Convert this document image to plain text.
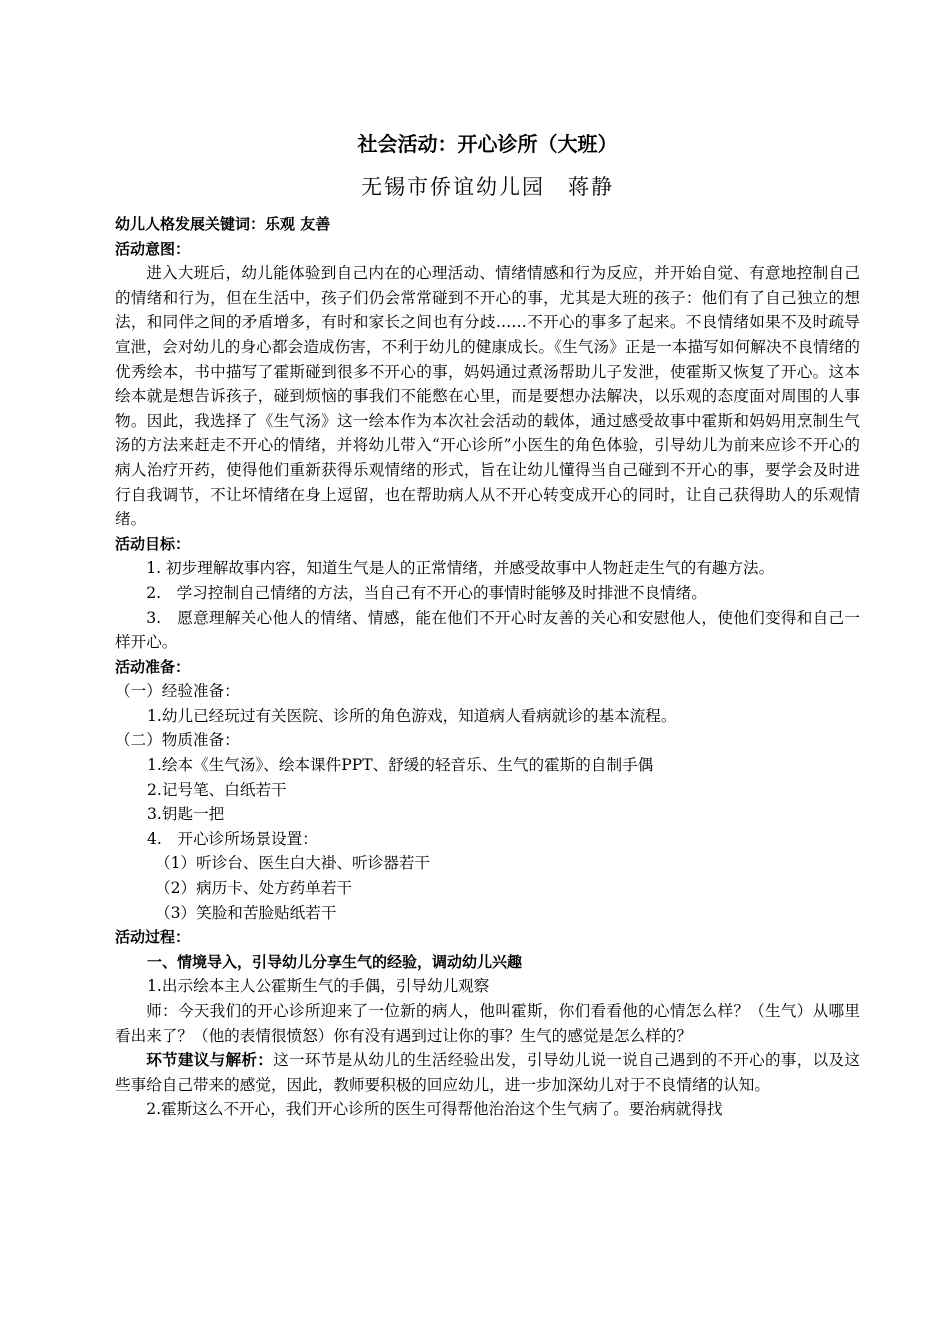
社会活动：开心诊所（大班）
无锡市侨谊幼儿园　蒋静
幼儿人格发展关键词：乐观 友善
活动意图：

进入大班后，幼儿能体验到自己内在的心理活动、情绪情感和行为反应，并开始自觉、有意地控制自己的情绪和行为，但在生活中，孩子们仍会常常碰到不开心的事，尤其是大班的孩子：他们有了自己独立的想法，和同伴之间的矛盾增多，有时和家长之间也有分歧……不开心的事多了起来。不良情绪如果不及时疏导宣泄，会对幼儿的身心都会造成伤害，不利于幼儿的健康成长。《生气汤》正是一本描写如何解决不良情绪的优秀绘本，书中描写了霍斯碰到很多不开心的事，妈妈通过煮汤帮助儿子发泄，使霍斯又恢复了开心。这本绘本就是想告诉孩子，碰到烦恼的事我们不能憋在心里，而是要想办法解决，以乐观的态度面对周围的人事物。因此，我选择了《生气汤》这一绘本作为本次社会活动的载体，通过感受故事中霍斯和妈妈用烹制生气汤的方法来赶走不开心的情绪，并将幼儿带入“开心诊所”小医生的角色体验，引导幼儿为前来应诊不开心的病人治疗开药，使得他们重新获得乐观情绪的形式，旨在让幼儿懂得当自己碰到不开心的事，要学会及时进行自我调节，不让坏情绪在身上逗留，也在帮助病人从不开心转变成开心的同时，让自己获得助人的乐观情绪。

活动目标：

1. 初步理解故事内容，知道生气是人的正常情绪，并感受故事中人物赶走生气的有趣方法。

2.　学习控制自己情绪的方法，当自己有不开心的事情时能够及时排泄不良情绪。

3.　愿意理解关心他人的情绪、情感，能在他们不开心时友善的关心和安慰他人，使他们变得和自己一样开心。

活动准备：

（一）经验准备：

1.幼儿已经玩过有关医院、诊所的角色游戏，知道病人看病就诊的基本流程。

（二）物质准备：

1.绘本《生气汤》、绘本课件PPT、舒缓的轻音乐、生气的霍斯的自制手偶

2.记号笔、白纸若干

3.钥匙一把

4.　开心诊所场景设置：

（1）听诊台、医生白大褂、听诊器若干

（2）病历卡、处方药单若干

（3）笑脸和苦脸贴纸若干

活动过程：
一、情境导入，引导幼儿分享生气的经验，调动幼儿兴趣

1.出示绘本主人公霍斯生气的手偶，引导幼儿观察

师：今天我们的开心诊所迎来了一位新的病人，他叫霍斯，你们看看他的心情怎么样？（生气）从哪里看出来了？（他的表情很愤怒）你有没有遇到过让你的事？生气的感觉是怎么样的？

环节建议与解析：这一环节是从幼儿的生活经验出发，引导幼儿说一说自己遇到的不开心的事，以及这些事给自己带来的感觉，因此，教师要积极的回应幼儿，进一步加深幼儿对于不良情绪的认知。

2.霍斯这么不开心，我们开心诊所的医生可得帮他治治这个生气病了。要治病就得找
